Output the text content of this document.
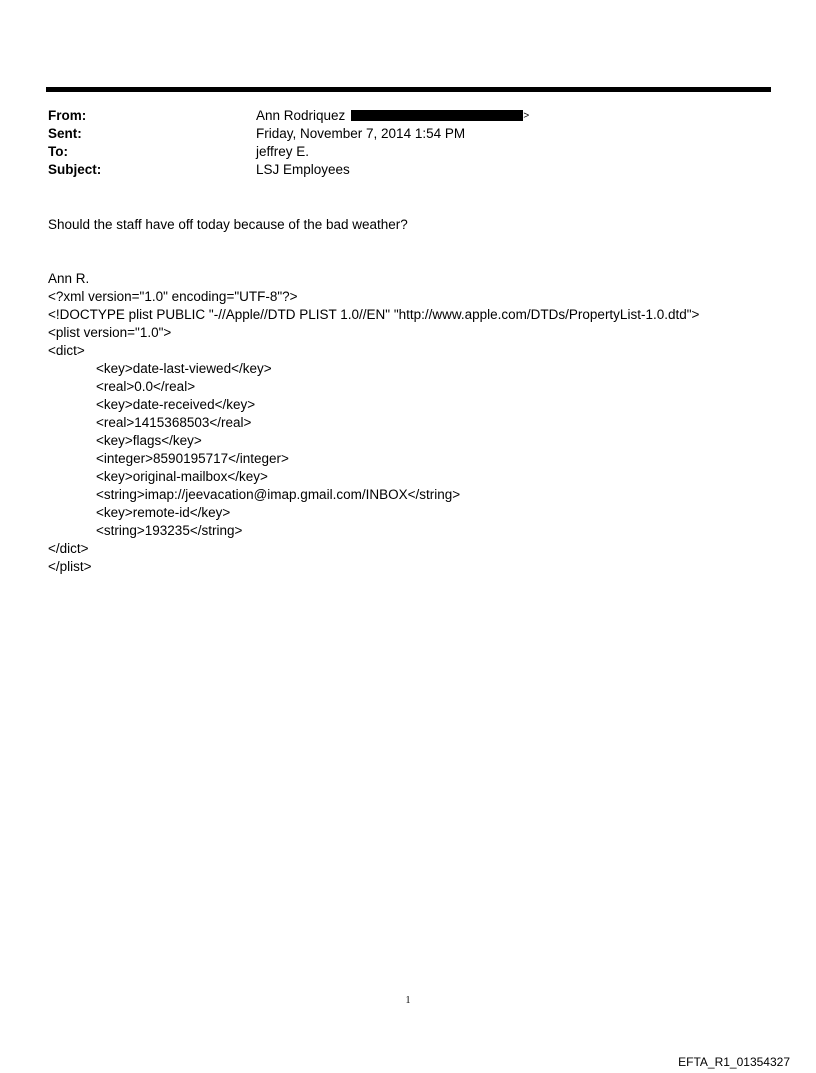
From:	Ann Rodriquez	>
Sent:	Friday, November 7, 2014 1:54 PM
To:	jeffrey E.
Subject:	LSJ Employees
Should the staff have off today because of the bad weather?
Ann R.
<?xml version="1.0" encoding="UTF-8"?>
<!DOCTYPE plist PUBLIC "-//Apple//DTD PLIST 1.0//EN" "http://www.apple.com/DTDs/PropertyList-1.0.dtd">
<plist version="1.0">
<dict>
<key>date-last-viewed</key>
<real>0.0</real>
<key>date-received</key>
<real>1415368503</real>
<key>flags</key>
<integer>8590195717</integer>
<key>original-mailbox</key>
<string>imap://jeevacation@imap.gmail.com/INBOX</string>
<key>remote-id</key>
<string>193235</string>
</dict>
</plist>
1
EFTA_R1_01354327
